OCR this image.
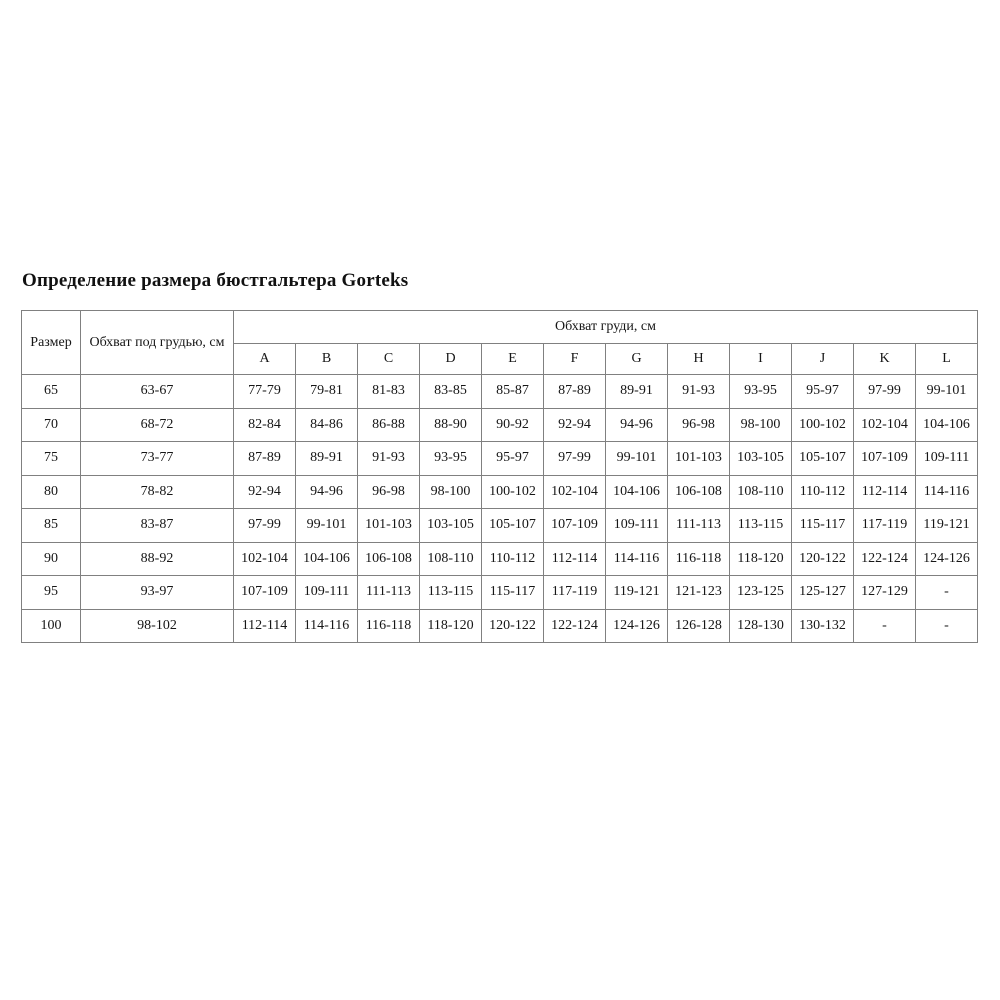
Определение размера бюстгальтера Gorteks
Размер	Обхват под грудью, см	Обхват груди, см											
		A	B	C	D	E	F	G	H	I	J	K	L
65	63-67	77-79	79-81	81-83	83-85	85-87	87-89	89-91	91-93	93-95	95-97	97-99	99-101
70	68-72	82-84	84-86	86-88	88-90	90-92	92-94	94-96	96-98	98-100	100-102	102-104	104-106
75	73-77	87-89	89-91	91-93	93-95	95-97	97-99	99-101	101-103	103-105	105-107	107-109	109-111
80	78-82	92-94	94-96	96-98	98-100	100-102	102-104	104-106	106-108	108-110	110-112	112-114	114-116
85	83-87	97-99	99-101	101-103	103-105	105-107	107-109	109-111	111-113	113-115	115-117	117-119	119-121
90	88-92	102-104	104-106	106-108	108-110	110-112	112-114	114-116	116-118	118-120	120-122	122-124	124-126
95	93-97	107-109	109-111	111-113	113-115	115-117	117-119	119-121	121-123	123-125	125-127	127-129	-
100	98-102	112-114	114-116	116-118	118-120	120-122	122-124	124-126	126-128	128-130	130-132	-	-
